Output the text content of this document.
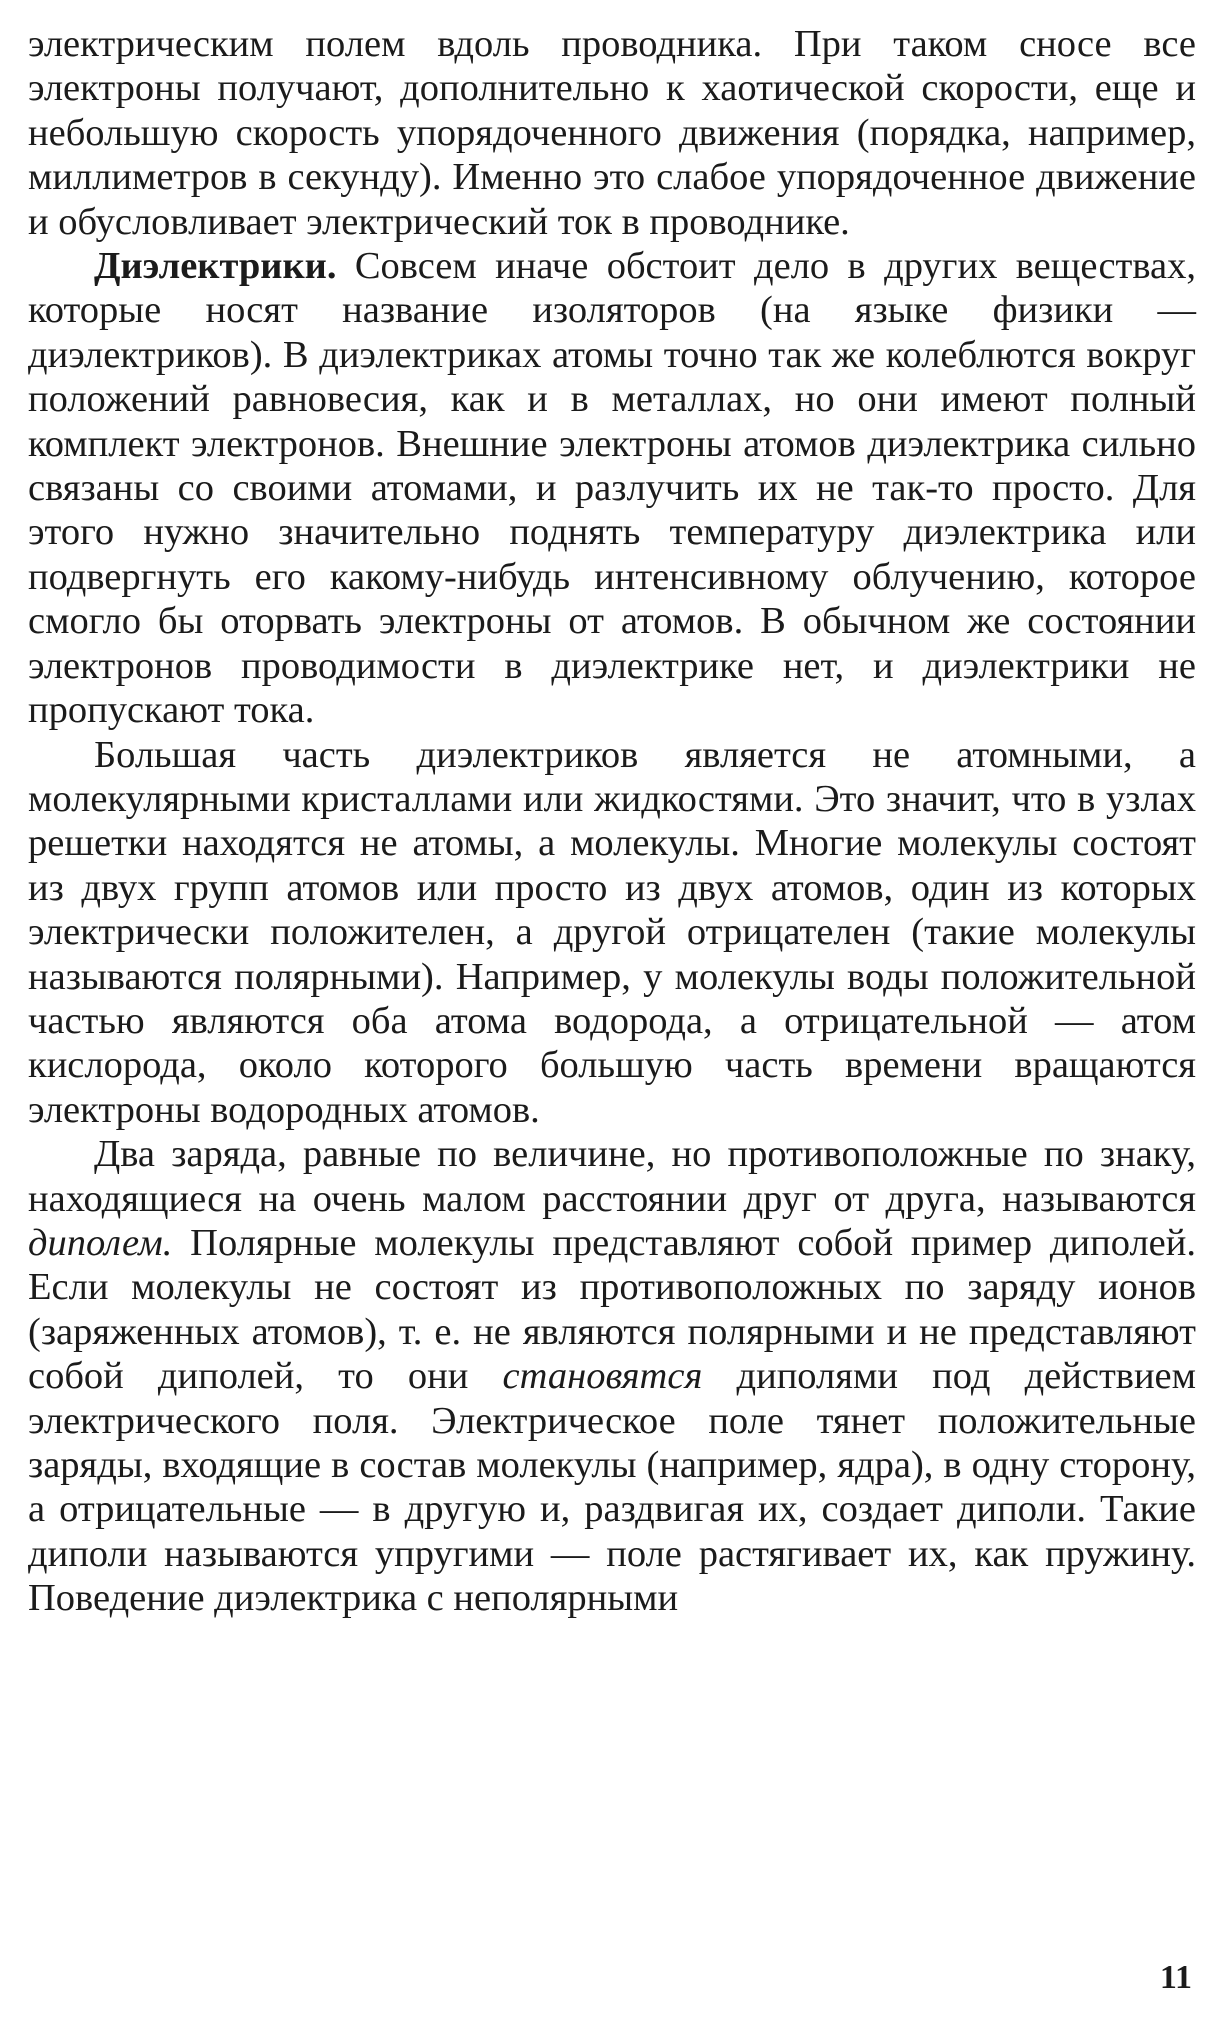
электрическим полем вдоль проводника. При таком сносе все электроны получают, дополнительно к хаотической скорости, еще и небольшую скорость упорядоченного движения (порядка, например, миллиметров в секунду). Именно это слабое упорядоченное движение и обусловливает электрический ток в проводнике.

Диэлектрики. Совсем иначе обстоит дело в других веществах, которые носят название изоляторов (на языке физики — диэлектриков). В диэлектриках атомы точно так же колеблются вокруг положений равновесия, как и в металлах, но они имеют полный комплект электронов. Внешние электроны атомов диэлектрика сильно связаны со своими атомами, и разлучить их не так-то просто. Для этого нужно значительно поднять температуру диэлектрика или подвергнуть его какому-нибудь интенсивному облучению, которое смогло бы оторвать электроны от атомов. В обычном же состоянии электронов проводимости в диэлектрике нет, и диэлектрики не пропускают тока.

Большая часть диэлектриков является не атомными, а молекулярными кристаллами или жидкостями. Это значит, что в узлах решетки находятся не атомы, а молекулы. Многие молекулы состоят из двух групп атомов или просто из двух атомов, один из которых электрически положителен, а другой отрицателен (такие молекулы называются полярными). Например, у молекулы воды положительной частью являются оба атома водорода, а отрицательной — атом кислорода, около которого большую часть времени вращаются электроны водородных атомов.

Два заряда, равные по величине, но противоположные по знаку, находящиеся на очень малом расстоянии друг от друга, называются диполем. Полярные молекулы представляют собой пример диполей. Если молекулы не состоят из противоположных по заряду ионов (заряженных атомов), т. е. не являются полярными и не представляют собой диполей, то они становятся диполями под действием электрического поля. Электрическое поле тянет положительные заряды, входящие в состав молекулы (например, ядра), в одну сторону, а отрицательные — в другую и, раздвигая их, создает диполи. Такие диполи называются упругими — поле растягивает их, как пружину. Поведение диэлектрика с неполярными

11
